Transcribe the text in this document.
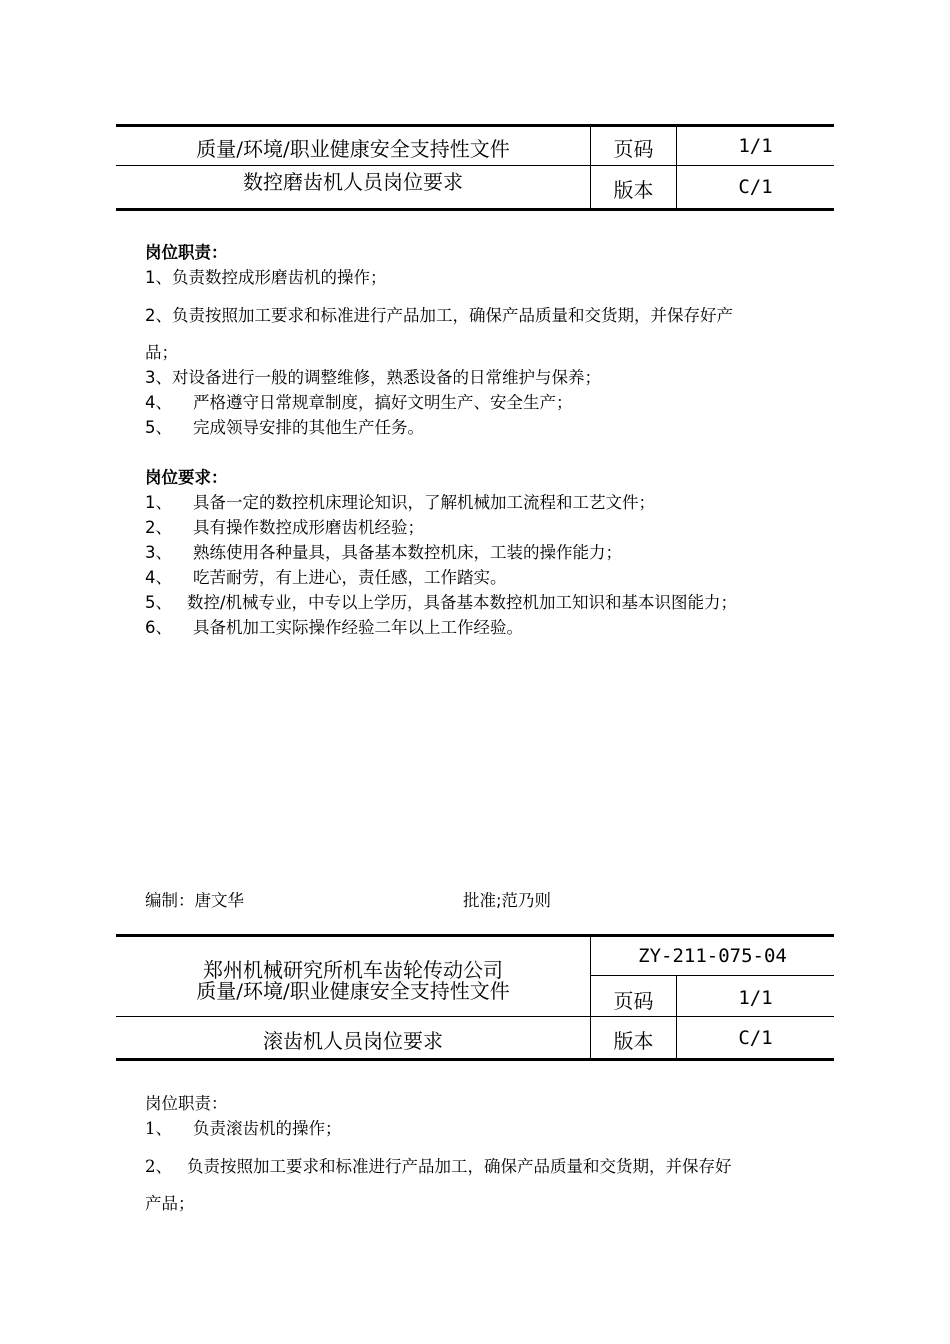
质量/环境/职业健康安全支持性文件	页码	1/1
数控磨齿机人员岗位要求	版本	C/1
岗位职责：
1、负责数控成形磨齿机的操作；
2、负责按照加工要求和标准进行产品加工，确保产品质量和交货期，并保存好产
品；
3、对设备进行一般的调整维修，熟悉设备的日常维护与保养；
4、 严格遵守日常规章制度，搞好文明生产、安全生产；
5、 完成领导安排的其他生产任务。
岗位要求：
1、 具备一定的数控机床理论知识，了解机械加工流程和工艺文件；
2、 具有操作数控成形磨齿机经验；
3、 熟练使用各种量具，具备基本数控机床，工装的操作能力；
4、 吃苦耐劳，有上进心，责任感，工作踏实。
5、 数控/机械专业，中专以上学历，具备基本数控机加工知识和基本识图能力；
6、 具备机加工实际操作经验二年以上工作经验。
编制：唐文华	批准;范乃则
郑州机械研究所机车齿轮传动公司
质量/环境/职业健康安全支持性文件
ZY-211-075-04
页码	1/1
滚齿机人员岗位要求	版本	C/1
岗位职责：
1、 负责滚齿机的操作；
2、 负责按照加工要求和标准进行产品加工，确保产品质量和交货期，并保存好
产品；
